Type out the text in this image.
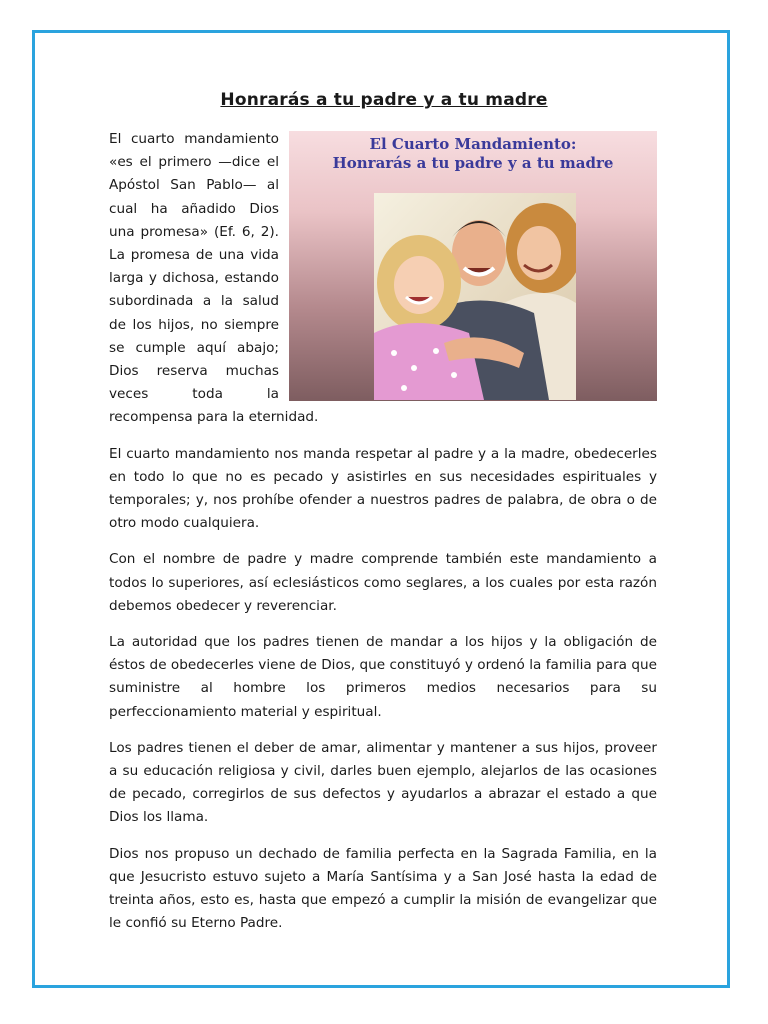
Honrarás a tu padre y a tu madre

El Cuarto Mandamiento:
Honrarás a tu padre y a tu madre
El cuarto mandamiento «es el primero —dice el Apóstol San Pablo— al cual ha añadido Dios una promesa» (Ef. 6, 2). La promesa de una vida larga y dichosa, estando subordinada a la salud de los hijos, no siempre se cumple aquí abajo; Dios reserva muchas veces toda la recompensa para la eternidad.

El cuarto mandamiento nos manda respetar al padre y a la madre, obedecerles en todo lo que no es pecado y asistirles en sus necesidades espirituales y temporales; y, nos prohíbe ofender a nuestros padres de palabra, de obra o de otro modo cualquiera.

Con el nombre de padre y madre comprende también este mandamiento a todos lo superiores, así eclesiásticos como seglares, a los cuales por esta razón debemos obedecer y reverenciar.

La autoridad que los padres tienen de mandar a los hijos y la obligación de éstos de obedecerles viene de Dios, que constituyó y ordenó la familia para que suministre al hombre los primeros medios necesarios para su perfeccionamiento material y espiritual.

Los padres tienen el deber de amar, alimentar y mantener a sus hijos, proveer a su educación religiosa y civil, darles buen ejemplo, alejarlos de las ocasiones de pecado, corregirlos de sus defectos y ayudarlos a abrazar el estado a que Dios los llama.

Dios nos propuso un dechado de familia perfecta en la Sagrada Familia, en la que Jesucristo estuvo sujeto a María Santísima y a San José hasta la edad de treinta años, esto es, hasta que empezó a cumplir la misión de evangelizar que le confió su Eterno Padre.
